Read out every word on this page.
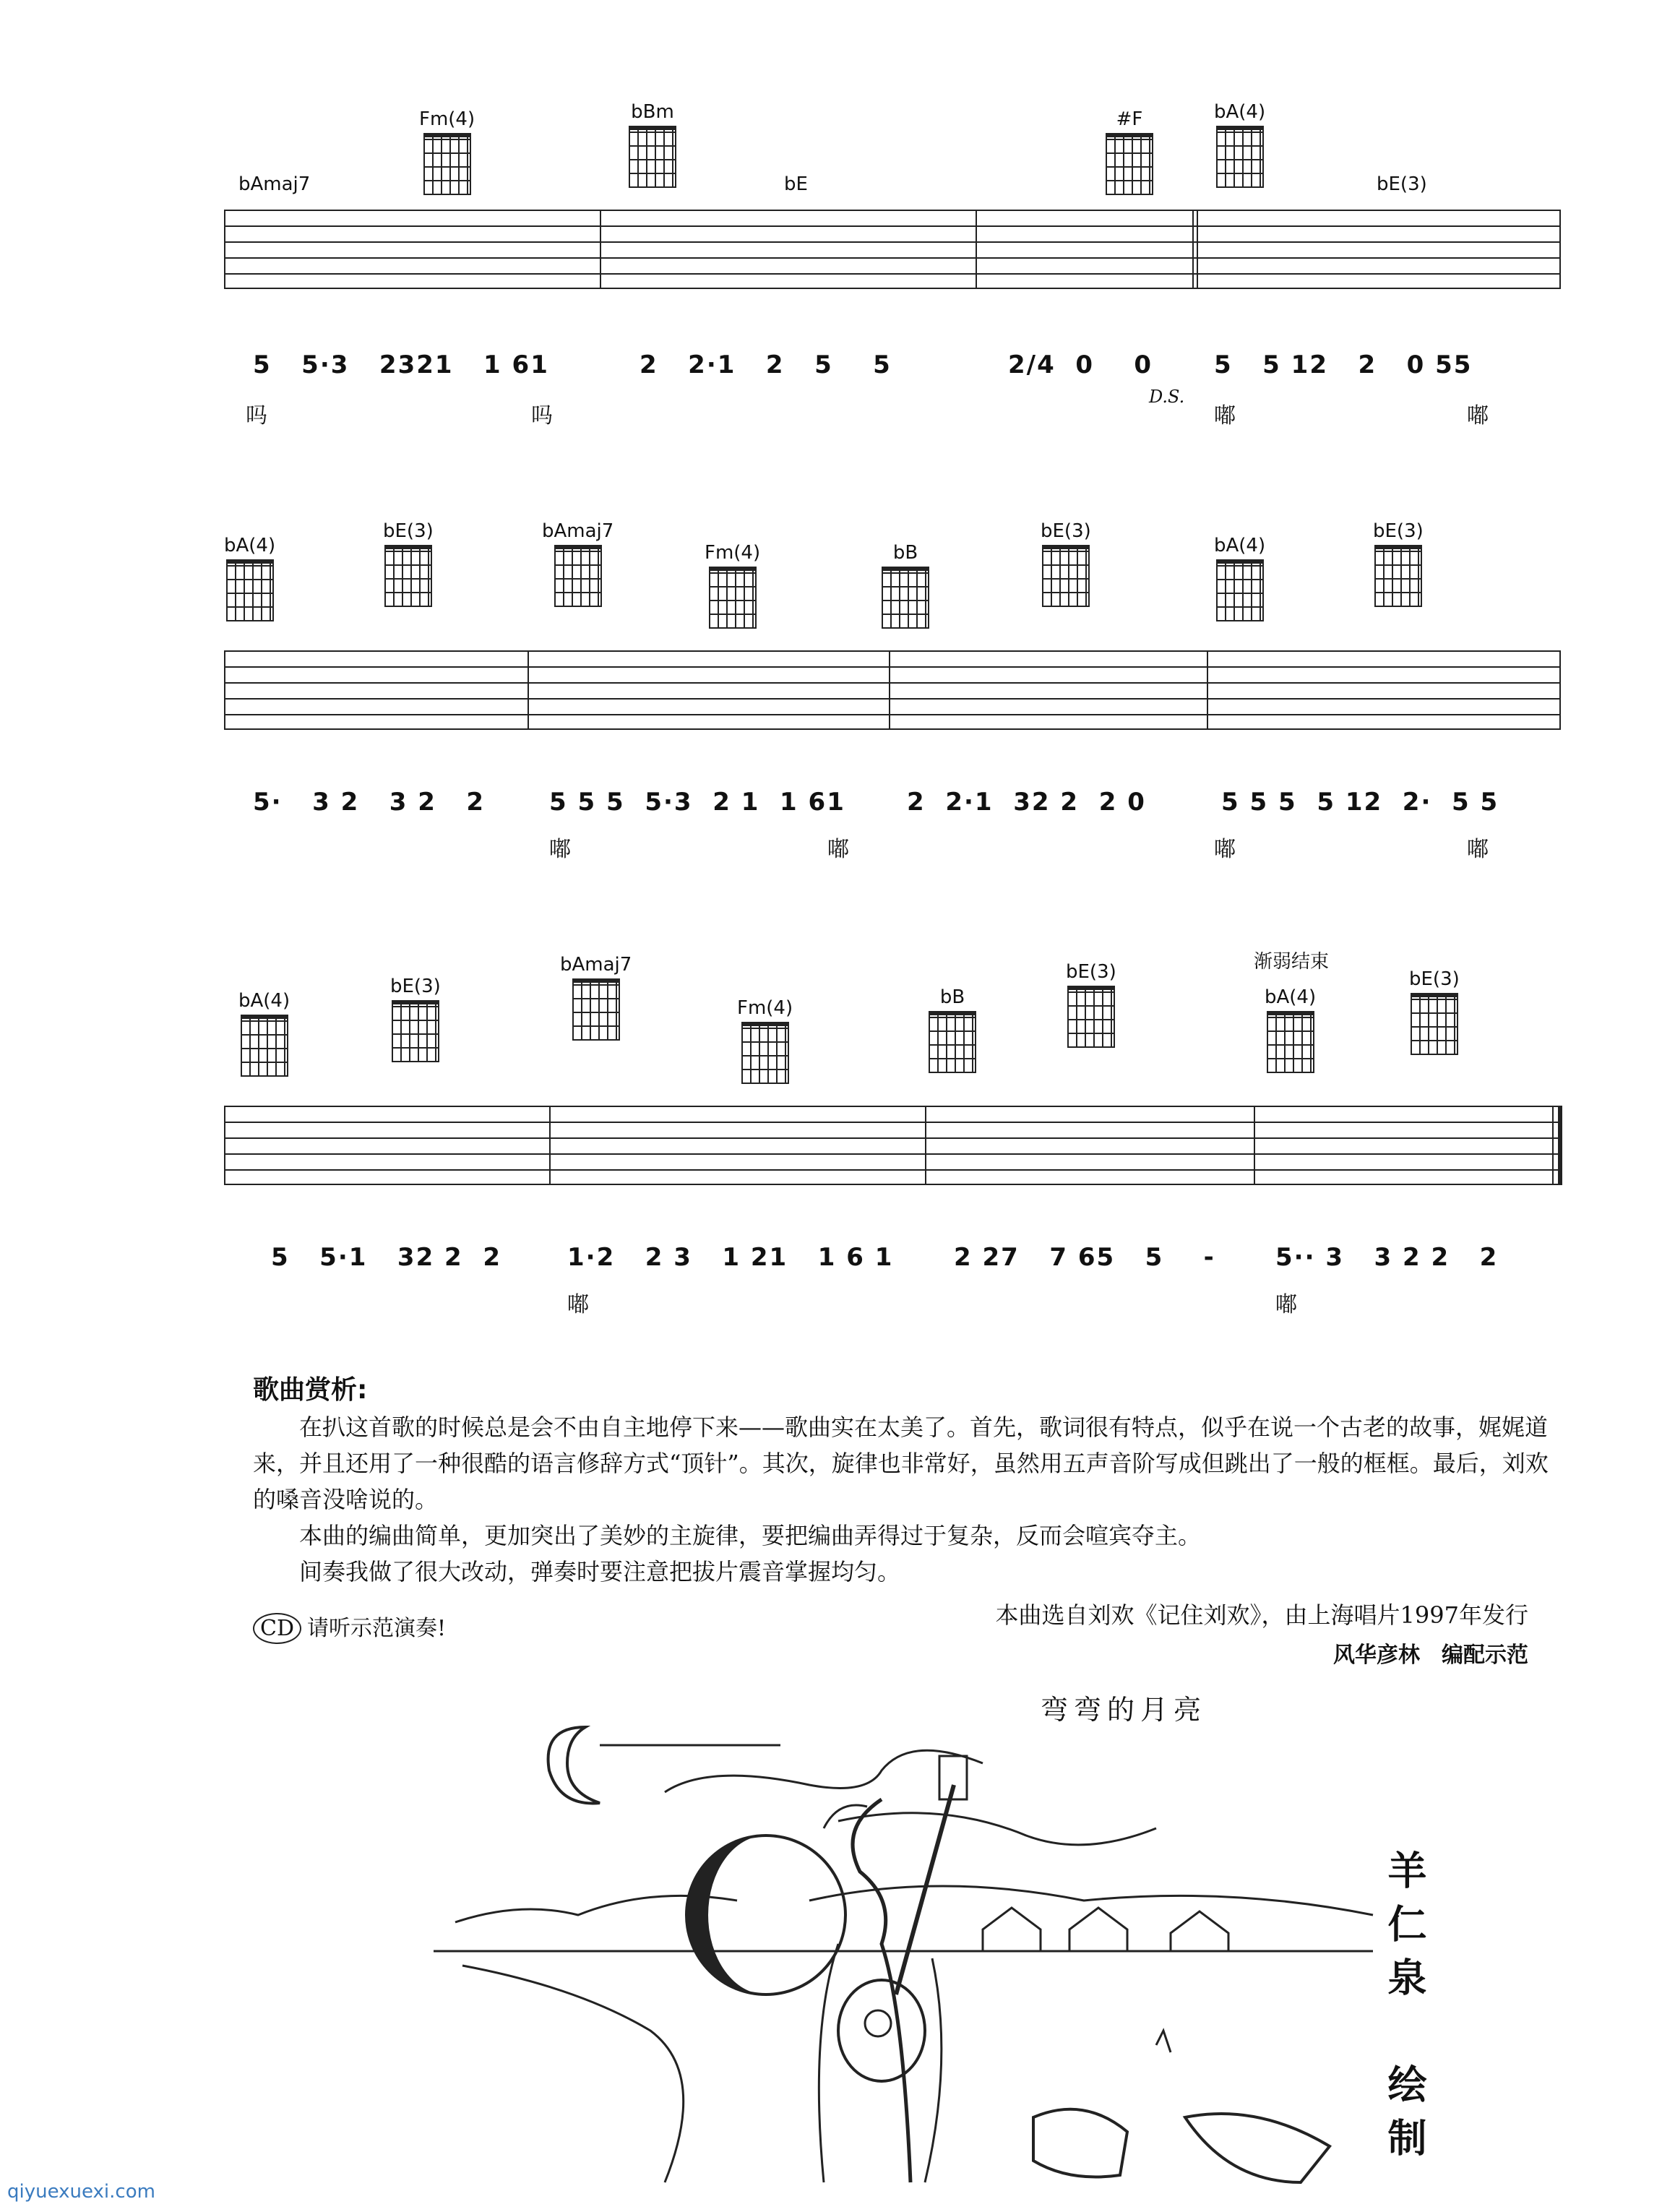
bAmaj7
Fm(4)	bBm
bE
#F	bA(4)
bE(3)
5   5·3   2321   1 61	2   2·1   2   5    5	2/4  0    0 5   5 12   2   0 55
吗	吗	嘟	嘟
D.S.
bA(4)
bE(3)	bAmaj7
Fm(4)	bB
bE(3)
bA(4)
bE(3)
5·   3 2   3 2   2	5 5 5  5·3  2 1  1 61	2  2·1  32 2  2 0	5 5 5  5 12  2·  5 5
嘟	嘟	嘟	嘟
bA(4)
bE(3)
bAmaj7
Fm(4)	bB
bE(3)
bA(4)
bE(3)
5   5·1   32 2  2	1·2   2 3   1 21   1 6 1 2 27   7 65   5    - 5·· 3   3 2 2   2
嘟	嘟
渐弱结束
歌曲赏析:
在扒这首歌的时候总是会不由自主地停下来——歌曲实在太美了。首先，歌词很有特点，似乎在说一个古老的故事，娓娓道来，并且还用了一种很酷的语言修辞方式“顶针”。其次，旋律也非常好，虽然用五声音阶写成但跳出了一般的框框。最后，刘欢的嗓音没啥说的。
本曲的编曲简单，更加突出了美妙的主旋律，要把编曲弄得过于复杂，反而会喧宾夺主。
间奏我做了很大改动，弹奏时要注意把拔片震音掌握均匀。
本曲选自刘欢《记住刘欢》，由上海唱片1997年发行
CD 请听示范演奏!
风华彦林　编配示范
弯弯的月亮
羊仁泉　绘制
qiyuexuexi.com
